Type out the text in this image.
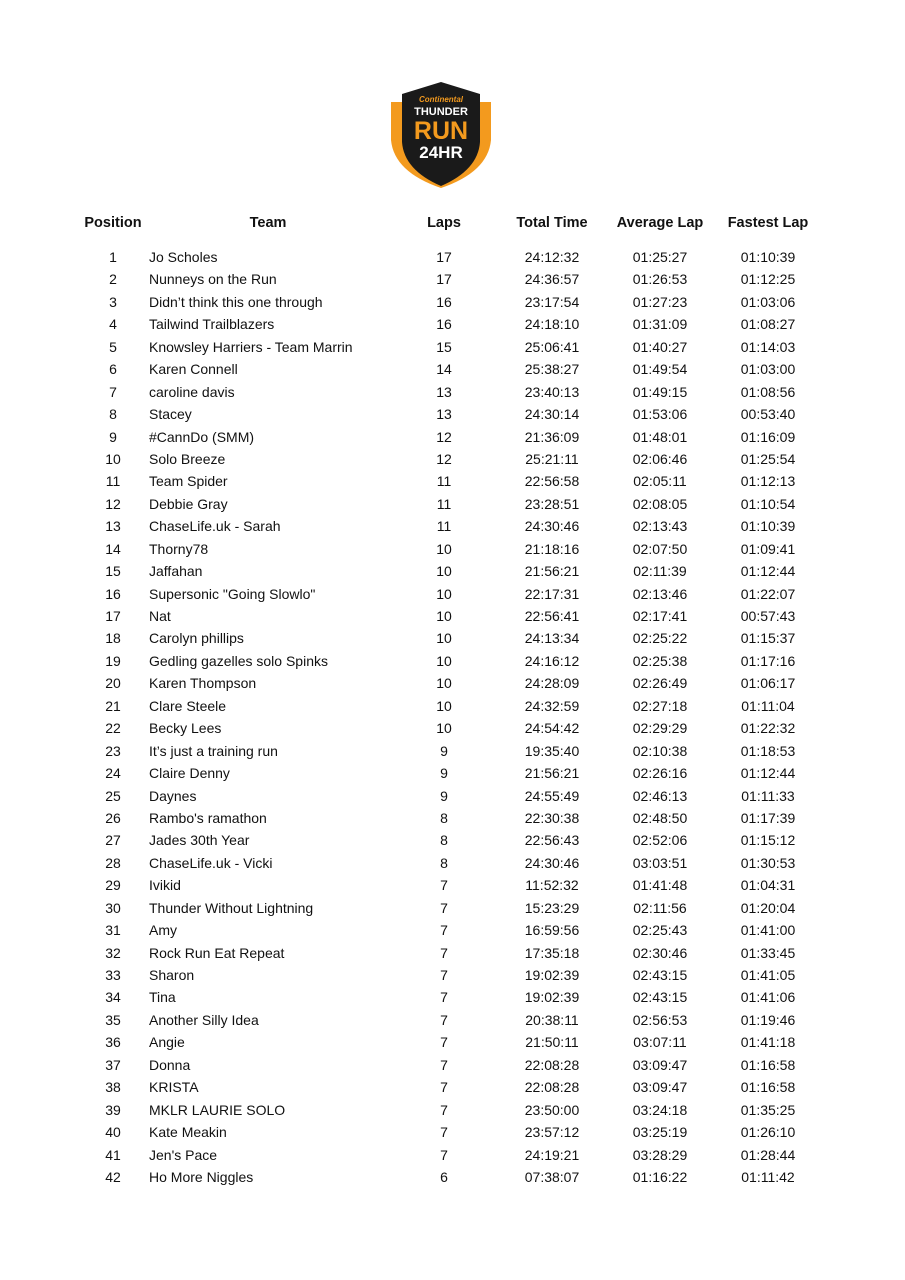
Continental
THUNDER
RUN
24HR
Position	Team	Laps	Total Time	Average Lap	Fastest Lap
1	Jo Scholes	17	24:12:32	01:25:27	01:10:39
2	Nunneys on the Run	17	24:36:57	01:26:53	01:12:25
3	Didn’t think this one through	16	23:17:54	01:27:23	01:03:06
4	Tailwind Trailblazers	16	24:18:10	01:31:09	01:08:27
5	Knowsley Harriers - Team Marrin	15	25:06:41	01:40:27	01:14:03
6	Karen Connell	14	25:38:27	01:49:54	01:03:00
7	caroline davis	13	23:40:13	01:49:15	01:08:56
8	Stacey	13	24:30:14	01:53:06	00:53:40
9	#CannDo (SMM)	12	21:36:09	01:48:01	01:16:09
10	Solo Breeze	12	25:21:11	02:06:46	01:25:54
11	Team Spider	11	22:56:58	02:05:11	01:12:13
12	Debbie Gray	11	23:28:51	02:08:05	01:10:54
13	ChaseLife.uk - Sarah	11	24:30:46	02:13:43	01:10:39
14	Thorny78	10	21:18:16	02:07:50	01:09:41
15	Jaffahan	10	21:56:21	02:11:39	01:12:44
16	Supersonic "Going Slowlo"	10	22:17:31	02:13:46	01:22:07
17	Nat	10	22:56:41	02:17:41	00:57:43
18	Carolyn phillips	10	24:13:34	02:25:22	01:15:37
19	Gedling gazelles solo Spinks	10	24:16:12	02:25:38	01:17:16
20	Karen Thompson	10	24:28:09	02:26:49	01:06:17
21	Clare Steele	10	24:32:59	02:27:18	01:11:04
22	Becky Lees	10	24:54:42	02:29:29	01:22:32
23	It’s just a training run	9	19:35:40	02:10:38	01:18:53
24	Claire Denny	9	21:56:21	02:26:16	01:12:44
25	Daynes	9	24:55:49	02:46:13	01:11:33
26	Rambo's ramathon	8	22:30:38	02:48:50	01:17:39
27	Jades 30th Year	8	22:56:43	02:52:06	01:15:12
28	ChaseLife.uk - Vicki	8	24:30:46	03:03:51	01:30:53
29	Ivikid	7	11:52:32	01:41:48	01:04:31
30	Thunder Without Lightning	7	15:23:29	02:11:56	01:20:04
31	Amy	7	16:59:56	02:25:43	01:41:00
32	Rock Run Eat Repeat	7	17:35:18	02:30:46	01:33:45
33	Sharon	7	19:02:39	02:43:15	01:41:05
34	Tina	7	19:02:39	02:43:15	01:41:06
35	Another Silly Idea	7	20:38:11	02:56:53	01:19:46
36	Angie	7	21:50:11	03:07:11	01:41:18
37	Donna	7	22:08:28	03:09:47	01:16:58
38	KRISTA	7	22:08:28	03:09:47	01:16:58
39	MKLR LAURIE SOLO	7	23:50:00	03:24:18	01:35:25
40	Kate Meakin	7	23:57:12	03:25:19	01:26:10
41	Jen's Pace	7	24:19:21	03:28:29	01:28:44
42	Ho More Niggles	6	07:38:07	01:16:22	01:11:42
